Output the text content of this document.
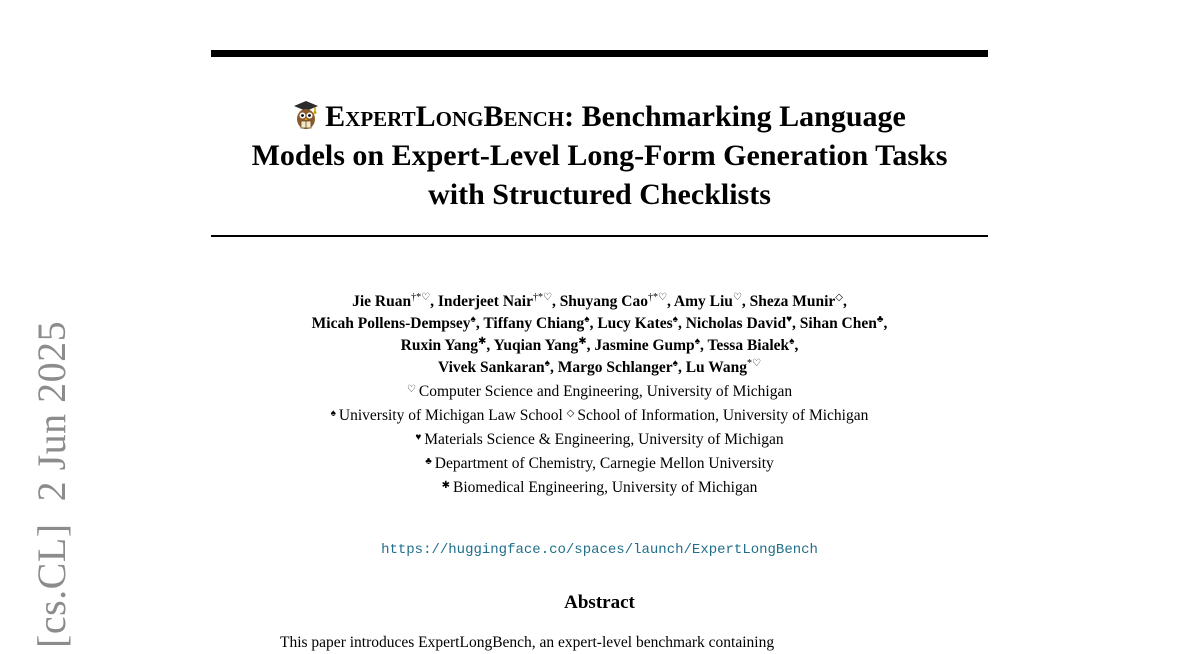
[cs.CL]2 Jun 2025
ExpertLongBench: Benchmarking Language
Models on Expert-Level Long-Form Generation Tasks
with Structured Checklists
Jie Ruan†*♡, Inderjeet Nair†*♡, Shuyang Cao†*♡, Amy Liu♡, Sheza Munir◇,
Micah Pollens-Dempsey♠, Tiffany Chiang♠, Lucy Kates♠, Nicholas David♥, Sihan Chen♣,
Ruxin Yang✱, Yuqian Yang✱, Jasmine Gump♠, Tessa Bialek♠,
Vivek Sankaran♠, Margo Schlanger♠, Lu Wang*♡
♡ Computer Science and Engineering, University of Michigan
♠ University of Michigan Law School ◇ School of Information, University of Michigan
♥ Materials Science & Engineering, University of Michigan
♣ Department of Chemistry, Carnegie Mellon University
✱ Biomedical Engineering, University of Michigan
https://huggingface.co/spaces/launch/ExpertLongBench
Abstract
This paper introduces ExpertLongBench, an expert-level benchmark containing
